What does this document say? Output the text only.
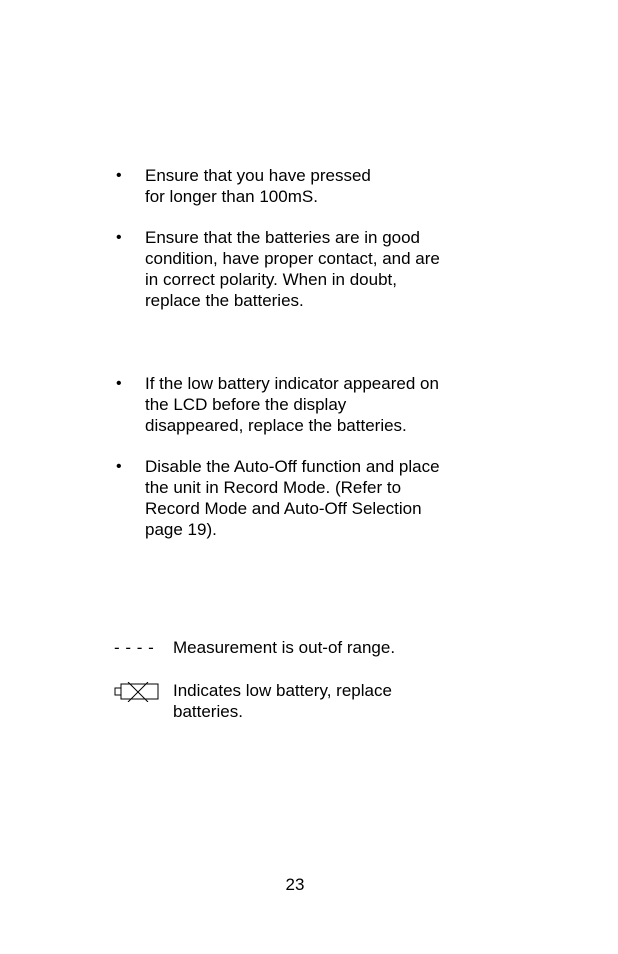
• Ensure that you have pressed
for longer than 100mS.
• Ensure that the batteries are in good
condition, have proper contact, and are
in correct polarity. When in doubt,
replace the batteries.
• If the low battery indicator appeared on
the LCD before the display
disappeared, replace the batteries.
• Disable the Auto-Off function and place
the unit in Record Mode. (Refer to
Record Mode and Auto-Off Selection
page 19).
- - - - Measurement is out-of range.
Indicates low battery, replace
batteries.
23
